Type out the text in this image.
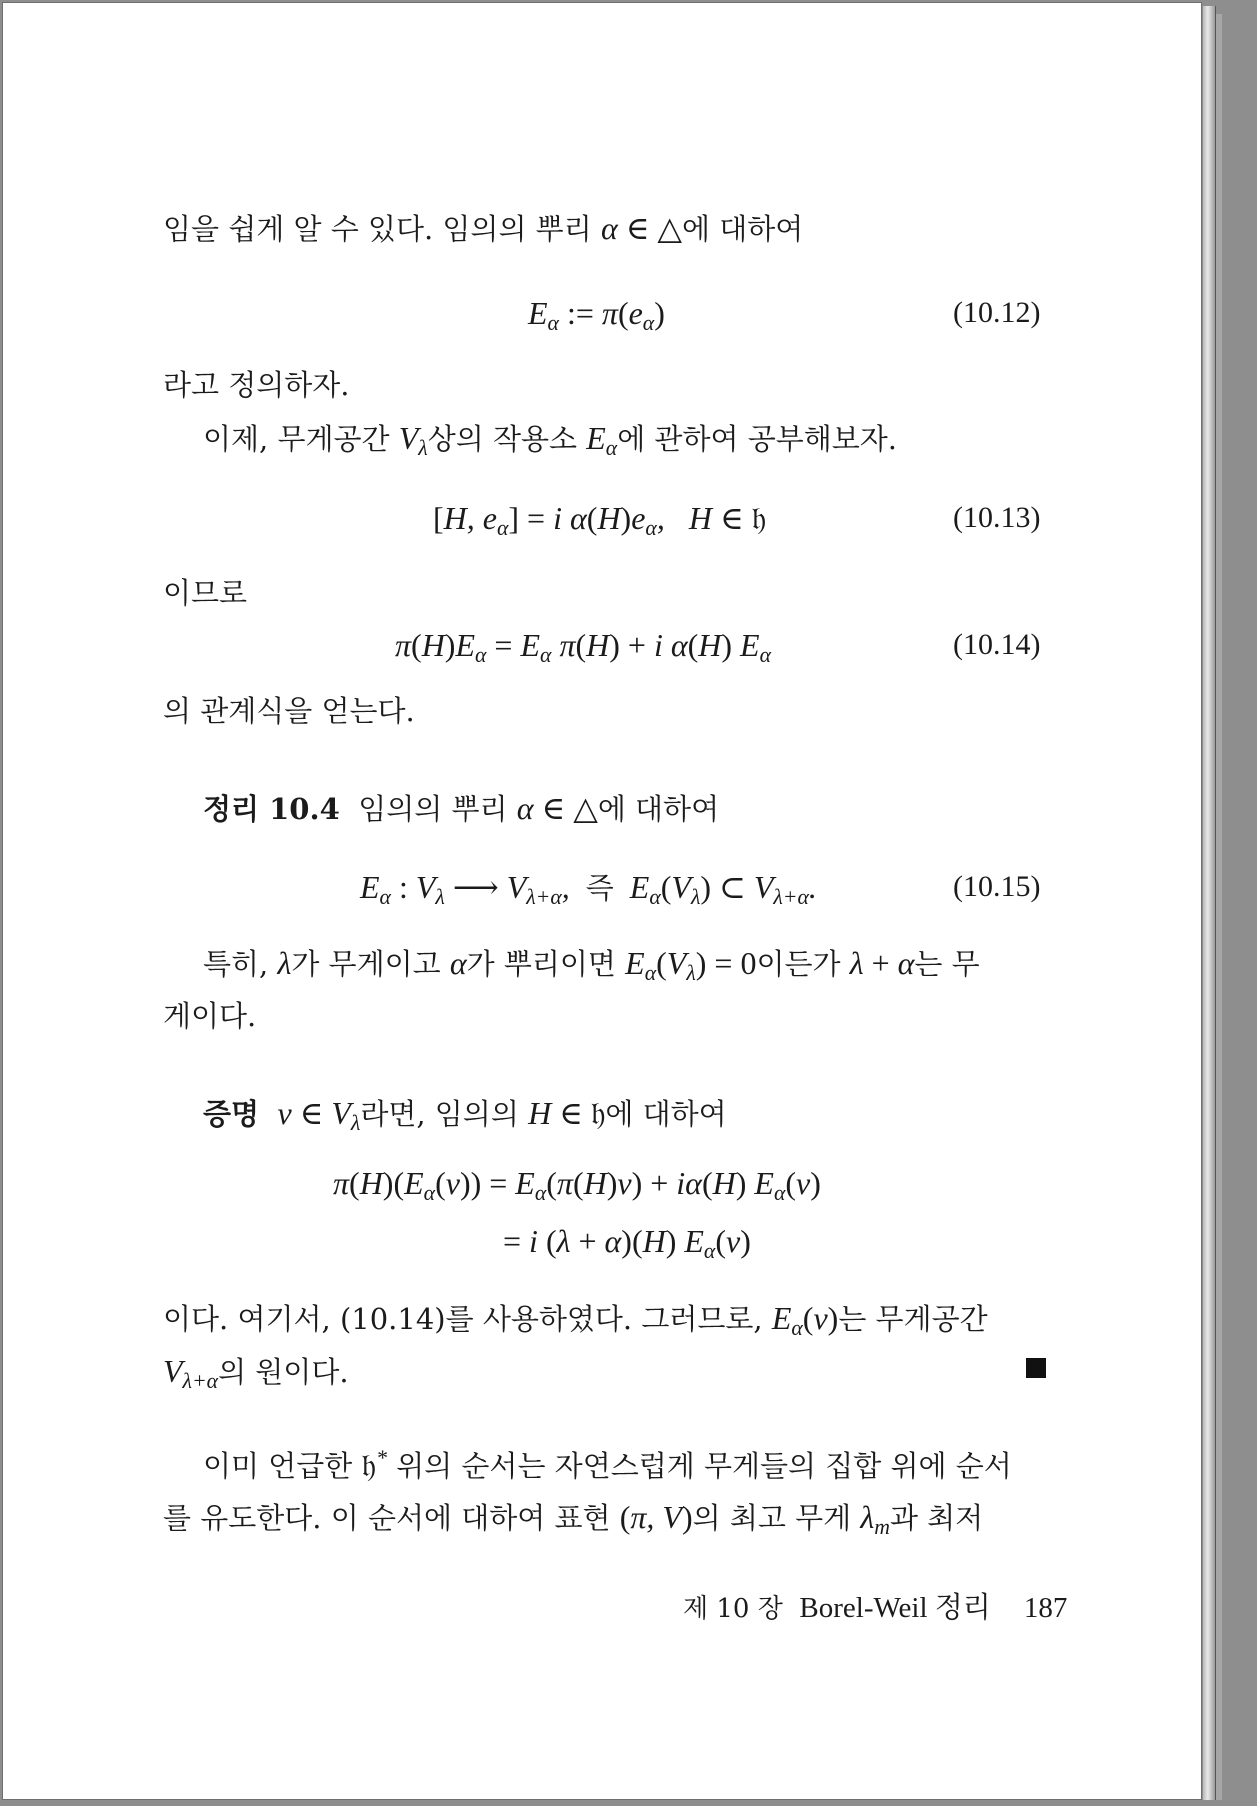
임을 쉽게 알 수 있다. 임의의 뿌리 α ∈ △에 대하여
$E_\alpha$ := $\pi(e_\alpha)$	(10.12)
라고 정의하자.
이제, 무게공간 $V_\lambda$상의 작용소 $E_\alpha$에 관하여 공부해보자.
[H, $e_\alpha] = i$ $\alpha(H)e_\alpha$,   H ∈ 𝔥	(10.13)
이므로
$\pi(H)E_\alpha = E_\alpha$ π(H) + i α(H) $E_\alpha$	(10.14)
의 관계식을 얻는다.
정리 10.4 임의의 뿌리 α ∈ △에 대하여
$E_\alpha$ : $V_\lambda$ ⟶ $V_{\lambda+\alpha}$,  즉  $E_\alpha(V_\lambda)$ ⊂ $V_{\lambda+\alpha}$.	(10.15)
특히, λ가 무게이고 α가 뿌리이면 $E_\alpha(V_\lambda) = 0$이든가 λ + α는 무
게이다.
증명 v ∈ $V_\lambda$라면, 임의의 H ∈ 𝔥에 대하여
$\pi(H)(E_\alpha(v)) = E_\alpha(\pi(H)v) + i\alpha(H)$ $E_\alpha(v)$
= i (λ + α)(H) $E_\alpha(v)$
이다. 여기서, (10.14)를 사용하였다. 그러므로, $E_\alpha(v)$는 무게공간
$V_{\lambda+\alpha}$의 원이다.
이미 언급한 𝔥* 위의 순서는 자연스럽게 무게들의 집합 위에 순서
를 유도한다. 이 순서에 대하여 표현 (π, V)의 최고 무게 $\lambda_m$과 최저
제 10 장 Borel-Weil 정리 187
